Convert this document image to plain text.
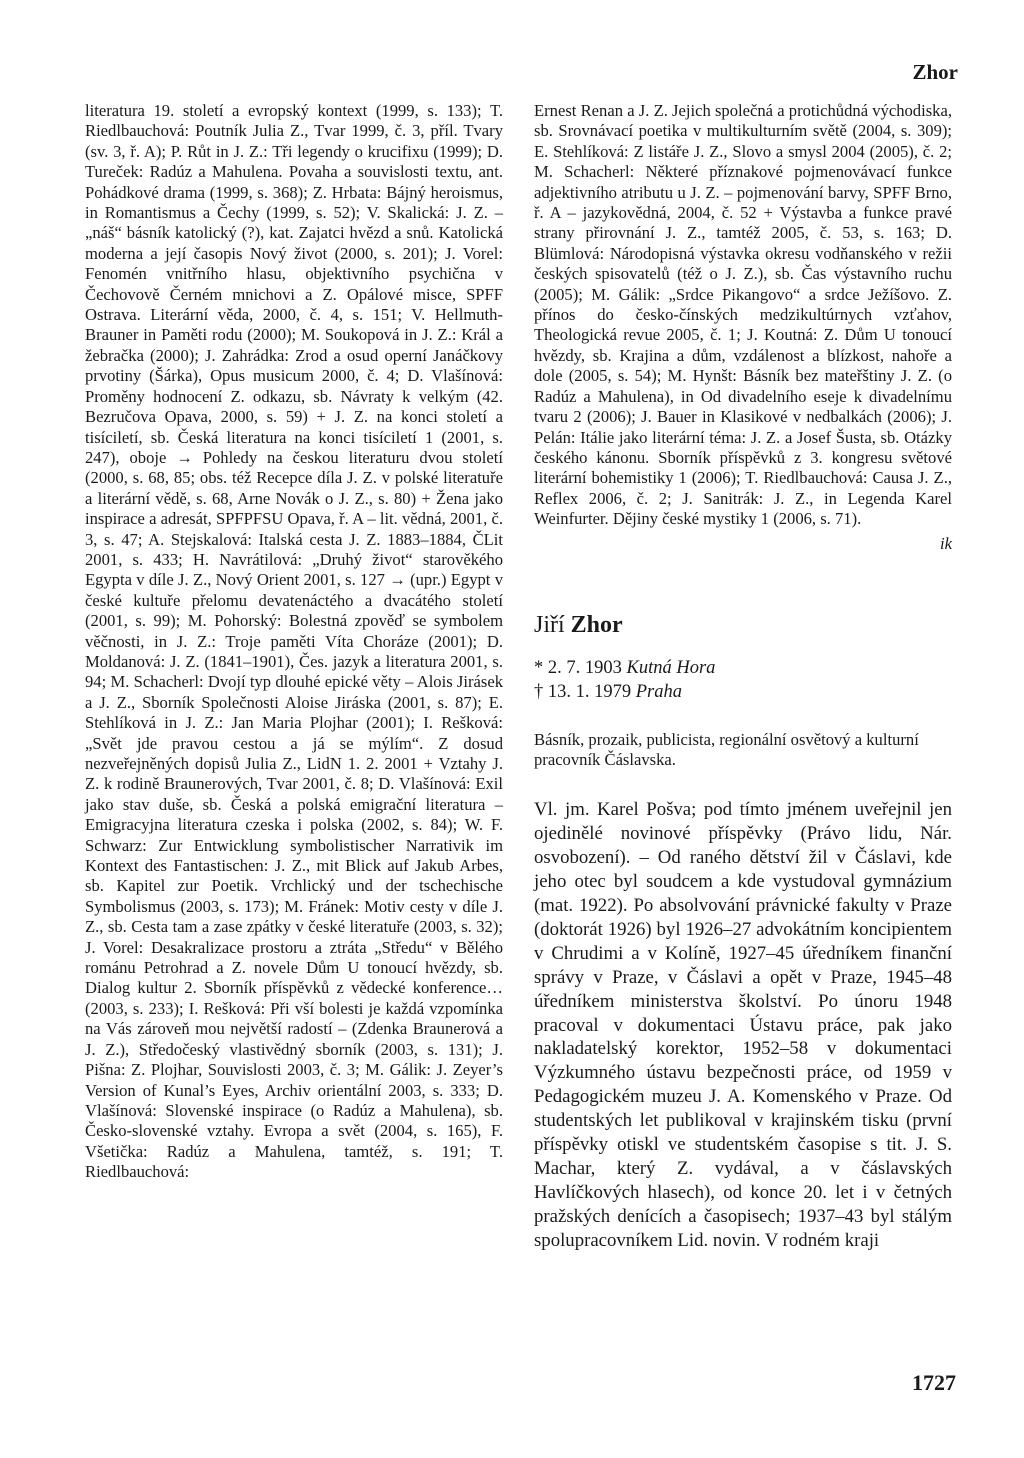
Zhor

literatura 19. století a evropský kontext (1999, s. 133); T. Riedlbauchová: Poutník Julia Z., Tvar 1999, č. 3, příl. Tvary (sv. 3, ř. A); P. Růt in J. Z.: Tři legendy o krucifixu (1999); D. Tureček: Radúz a Mahulena. Povaha a souvislosti textu, ant. Pohádkové drama (1999, s. 368); Z. Hrbata: Bájný heroismus, in Romantismus a Čechy (1999, s. 52); V. Skalická: J. Z. – „náš“ básník katolický (?), kat. Zajatci hvězd a snů. Katolická moderna a její časopis Nový život (2000, s. 201); J. Vorel: Fenomén vnitřního hlasu, objektivního psychična v Čechovově Černém mnichovi a Z. Opálové misce, SPFF Ostrava. Literární věda, 2000, č. 4, s. 151; V. Hellmuth-Brauner in Paměti rodu (2000); M. Soukopová in J. Z.: Král a žebračka (2000); J. Zahrádka: Zrod a osud operní Janáčkovy prvotiny (Šárka), Opus musicum 2000, č. 4; D. Vlašínová: Proměny hodnocení Z. odkazu, sb. Návraty k velkým (42. Bezručova Opava, 2000, s. 59) + J. Z. na konci století a tisíciletí, sb. Česká literatura na konci tisíciletí 1 (2001, s. 247), obojе → Pohledy na českou literaturu dvou století (2000, s. 68, 85; obs. též Recepce díla J. Z. v polské literatuře a literární vědě, s. 68, Arne Novák o J. Z., s. 80) + Žena jako inspirace a adresát, SPFPFSU Opava, ř. A – lit. vědná, 2001, č. 3, s. 47; A. Stejskalová: Italská cesta J. Z. 1883–1884, ČLit 2001, s. 433; H. Navrátilová: „Druhý život“ starověkého Egypta v díle J. Z., Nový Orient 2001, s. 127 → (upr.) Egypt v české kultuře přelomu devatenáctého a dvacátého století (2001, s. 99); M. Pohorský: Bolestná zpověď se symbolem věčnosti, in J. Z.: Troje paměti Víta Choráze (2001); D. Moldanová: J. Z. (1841–1901), Čes. jazyk a literatura 2001, s. 94; M. Schacherl: Dvojí typ dlouhé epické věty – Alois Jirásek a J. Z., Sborník Společnosti Aloise Jiráska (2001, s. 87); E. Stehlíková in J. Z.: Jan Maria Plojhar (2001); I. Rešková: „Svět jde pravou cestou a já se mýlím“. Z dosud nezveřejněných dopisů Julia Z., LidN 1. 2. 2001 + Vztahy J. Z. k rodině Braunerových, Tvar 2001, č. 8; D. Vlašínová: Exil jako stav duše, sb. Česká a polská emigrační literatura – Emigracyjna literatura czeska i polska (2002, s. 84); W. F. Schwarz: Zur Entwicklung symbolistischer Narrativik im Kontext des Fantastischen: J. Z., mit Blick auf Jakub Arbes, sb. Kapitel zur Poetik. Vrchlický und der tschechische Symbolismus (2003, s. 173); M. Fránek: Motiv cesty v díle J. Z., sb. Cesta tam a zase zpátky v české literatuře (2003, s. 32); J. Vorel: Desakralizace prostoru a ztráta „Středu“ v Bělého románu Petrohrad a Z. novele Dům U tonoucí hvězdy, sb. Dialog kultur 2. Sborník příspěvků z vědecké konference… (2003, s. 233); I. Rešková: Při vší bolesti je každá vzpomínka na Vás zároveň mou největší radostí – (Zdenka Braunerová a J. Z.), Středočeský vlastivědný sborník (2003, s. 131); J. Pišna: Z. Plojhar, Souvislosti 2003, č. 3; M. Gálik: J. Zeyer’s Version of Kunal’s Eyes, Archiv orientální 2003, s. 333; D. Vlašínová: Slovenské inspirace (o Radúz a Mahulena), sb. Česko-slovenské vztahy. Evropa a svět (2004, s. 165), F. Všetička: Radúz a Mahulena, tamtéž, s. 191; T. Riedlbauchová:

Ernest Renan a J. Z. Jejich společná a protichůdná východiska, sb. Srovnávací poetika v multikulturním světě (2004, s. 309); E. Stehlíková: Z listáře J. Z., Slovo a smysl 2004 (2005), č. 2; M. Schacherl: Některé příznakové pojmenovávací funkce adjektivního atributu u J. Z. – pojmenování barvy, SPFF Brno, ř. A – jazykovědná, 2004, č. 52 + Výstavba a funkce pravé strany přirovnání J. Z., tamtéž 2005, č. 53, s. 163; D. Blümlová: Národopisná výstavka okresu vodňanského v režii českých spisovatelů (též o J. Z.), sb. Čas výstavního ruchu (2005); M. Gálik: „Srdce Pikangovo“ a srdce Ježíšovo. Z. přínos do česko-čínských medzikultúrnych vzťahov, Theologická revue 2005, č. 1; J. Koutná: Z. Dům U tonoucí hvězdy, sb. Krajina a dům, vzdálenost a blízkost, nahoře a dole (2005, s. 54); M. Hynšt: Básník bez mateřštiny J. Z. (o Radúz a Mahulena), in Od divadelního eseje k divadelnímu tvaru 2 (2006); J. Bauer in Klasikové v nedbalkách (2006); J. Pelán: Itálie jako literární téma: J. Z. a Josef Šusta, sb. Otázky českého kánonu. Sborník příspěvků z 3. kongresu světové literární bohemistiky 1 (2006); T. Riedlbauchová: Causa J. Z., Reflex 2006, č. 2; J. Sanitrák: J. Z., in Legenda Karel Weinfurter. Dějiny české mystiky 1 (2006, s. 71).

ik
Jiří Zhor
* 2. 7. 1903 Kutná Hora
† 13. 1. 1979 Praha
Básník, prozaik, publicista, regionální osvětový a kulturní pracovník Čáslavska.

Vl. jm. Karel Pošva; pod tímto jménem uveřejnil jen ojedinělé novinové příspěvky (Právo lidu, Nár. osvobození). – Od raného dětství žil v Čáslavi, kde jeho otec byl soudcem a kde vystudoval gymnázium (mat. 1922). Po absolvování právnické fakulty v Praze (doktorát 1926) byl 1926–27 advokátním koncipientem v Chrudimi a v Kolíně, 1927–45 úředníkem finanční správy v Praze, v Čáslavi a opět v Praze, 1945–48 úředníkem ministerstva školství. Po únoru 1948 pracoval v dokumentaci Ústavu práce, pak jako nakladatelský korektor, 1952–58 v dokumentaci Výzkumného ústavu bezpečnosti práce, od 1959 v Pedagogickém muzeu J. A. Komenského v Praze. Od studentských let publikoval v krajinském tisku (první příspěvky otiskl ve studentském časopise s tit. J. S. Machar, který Z. vydával, a v čáslavských Havlíčkových hlasech), od konce 20. let i v četných pražských denících a časopisech; 1937–43 byl stálým spolupracovníkem Lid. novin. V rodném kraji

1727
